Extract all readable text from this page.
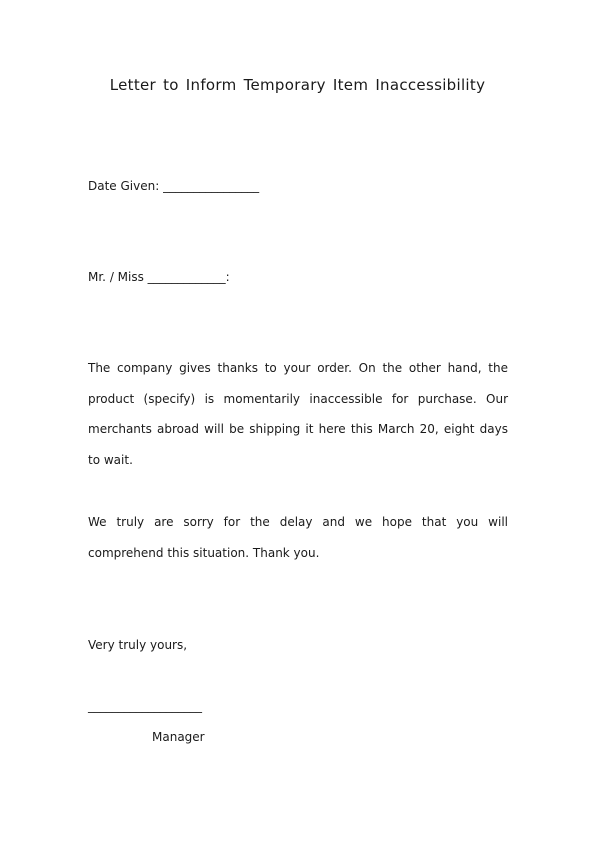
Letter to Inform Temporary Item Inaccessibility
Date Given: ________________
Mr. / Miss _____________:
The company gives thanks to your order. On the other hand, the product (specify) is momentarily inaccessible for purchase. Our merchants abroad will be shipping it here this March 20, eight days to wait.
We truly are sorry for the delay and we hope that you will comprehend this situation. Thank you.
Very truly yours,
___________________
Manager
